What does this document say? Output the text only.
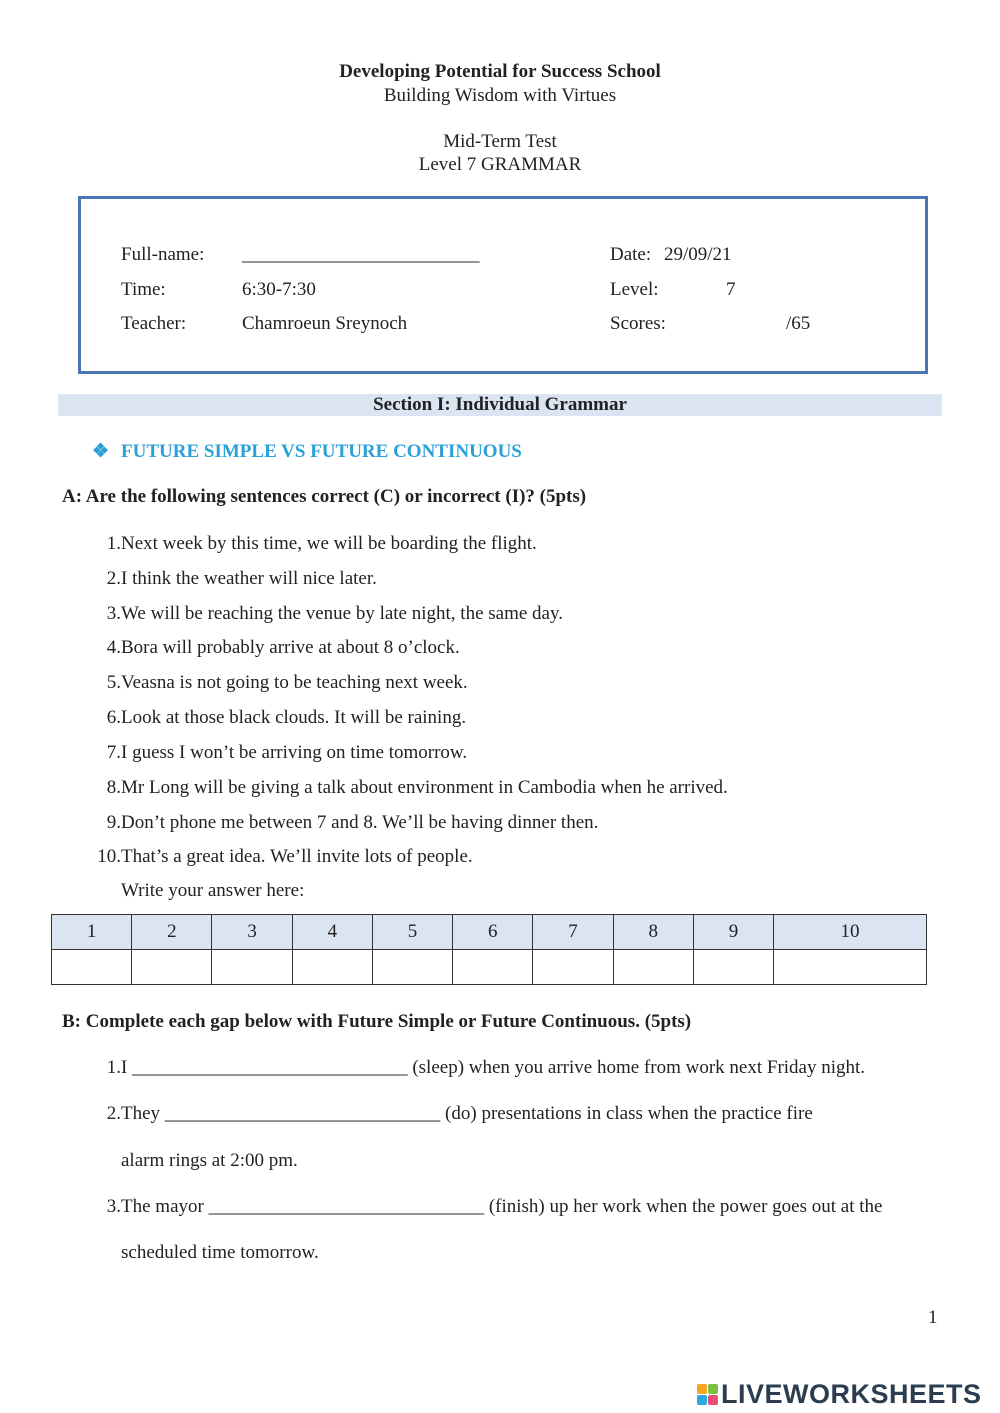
Developing Potential for Success School
Building Wisdom with Virtues
Mid-Term Test
Level 7 GRAMMAR
Full-name: _________________________	Date: 29/09/21
Time:	6:30-7:30	Level:	7
Teacher:	Chamroeun Sreynoch	Scores:	/65
Section I: Individual Grammar
❖ FUTURE SIMPLE VS FUTURE CONTINUOUS
A: Are the following sentences correct (C) or incorrect (I)? (5pts)
1. Next week by this time, we will be boarding the flight.
2. I think the weather will nice later.
3. We will be reaching the venue by late night, the same day.
4. Bora will probably arrive at about 8 o’clock.
5. Veasna is not going to be teaching next week.
6. Look at those black clouds. It will be raining.
7. I guess I won’t be arriving on time tomorrow.
8. Mr Long will be giving a talk about environment in Cambodia when he arrived.
9. Don’t phone me between 7 and 8. We’ll be having dinner then.
10. That’s a great idea. We’ll invite lots of people.
Write your answer here:
1	2	3	4	5	6	7	8	9	10

B: Complete each gap below with Future Simple or Future Continuous. (5pts)
1. I _____________________________ (sleep) when you arrive home from work next Friday night.
2. They _____________________________ (do) presentations in class when the practice fire
alarm rings at 2:00 pm.
3. The mayor _____________________________ (finish) up her work when the power goes out at the
scheduled time tomorrow.
1
LIVEWORKSHEETS
